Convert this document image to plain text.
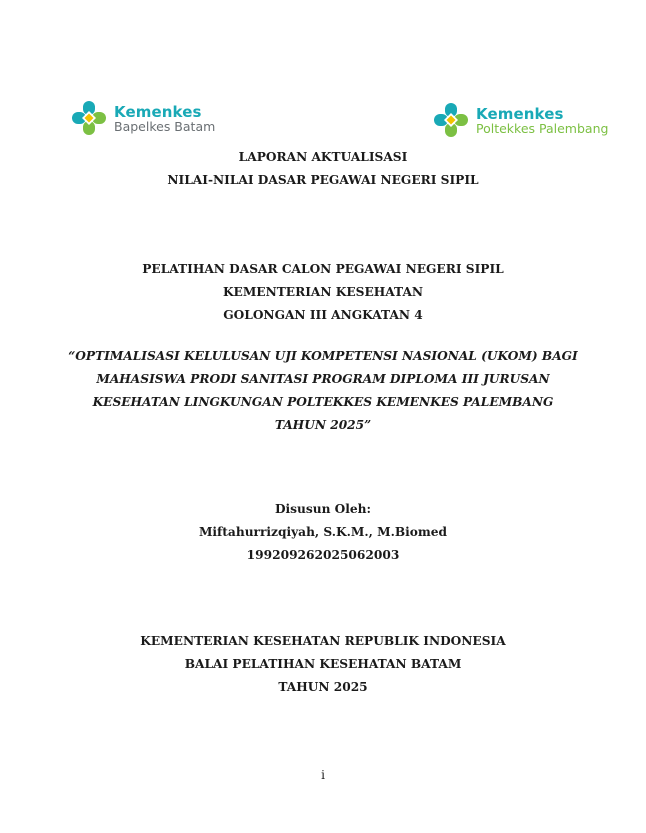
Kemenkes
Bapelkes Batam
Kemenkes
Poltekkes Palembang
LAPORAN AKTUALISASI
NILAI-NILAI DASAR PEGAWAI NEGERI SIPIL
PELATIHAN DASAR CALON PEGAWAI NEGERI SIPIL
KEMENTERIAN KESEHATAN
GOLONGAN III ANGKATAN 4
“OPTIMALISASI KELULUSAN UJI KOMPETENSI NASIONAL (UKOM) BAGI
MAHASISWA PRODI SANITASI PROGRAM DIPLOMA III JURUSAN
KESEHATAN LINGKUNGAN POLTEKKES KEMENKES PALEMBANG
TAHUN 2025”
Disusun Oleh:
Miftahurrizqiyah, S.K.M., M.Biomed
199209262025062003
KEMENTERIAN KESEHATAN REPUBLIK INDONESIA
BALAI PELATIHAN KESEHATAN BATAM
TAHUN 2025
i
